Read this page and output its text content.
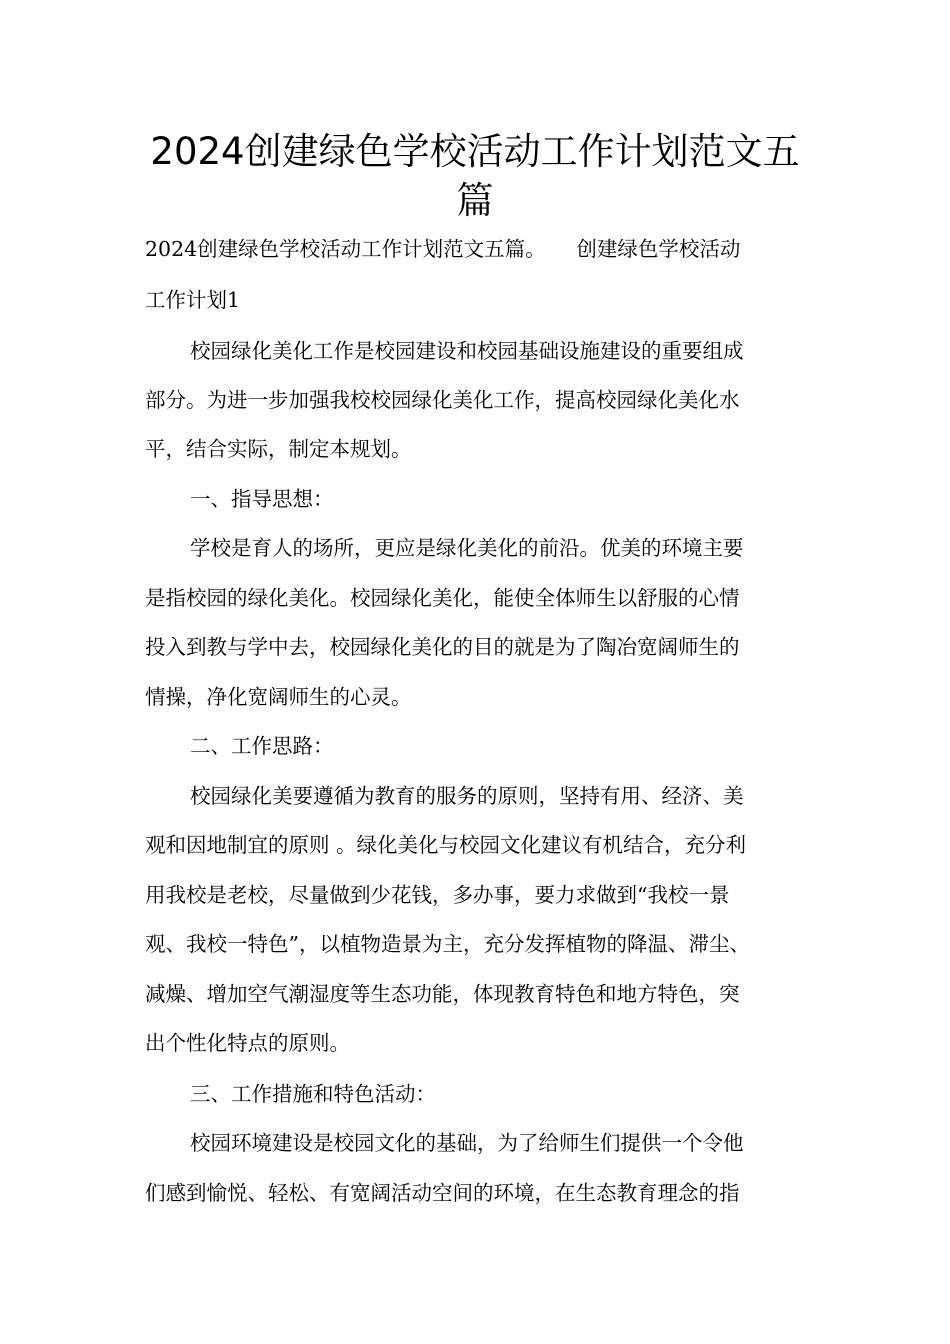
2024创建绿色学校活动工作计划范文五
篇
2024创建绿色学校活动工作计划范文五篇。　　创建绿色学校活动
工作计划1
校园绿化美化工作是校园建设和校园基础设施建设的重要组成
部分。为进一步加强我校校园绿化美化工作，提高校园绿化美化水
平，结合实际，制定本规划。
一、指导思想：
学校是育人的场所，更应是绿化美化的前沿。优美的环境主要
是指校园的绿化美化。校园绿化美化，能使全体师生以舒服的心情
投入到教与学中去，校园绿化美化的目的就是为了陶冶宽阔师生的
情操，净化宽阔师生的心灵。
二、工作思路：
校园绿化美要遵循为教育的服务的原则，坚持有用、经济、美
观和因地制宜的原则 。绿化美化与校园文化建议有机结合，充分利
用我校是老校，尽量做到少花钱，多办事，要力求做到“我校一景
观、我校一特色”，以植物造景为主，充分发挥植物的降温、滞尘、
减燥、增加空气潮湿度等生态功能，体现教育特色和地方特色，突
出个性化特点的原则。
三、工作措施和特色活动：
校园环境建设是校园文化的基础，为了给师生们提供一个令他
们感到愉悦、轻松、有宽阔活动空间的环境，在生态教育理念的指
